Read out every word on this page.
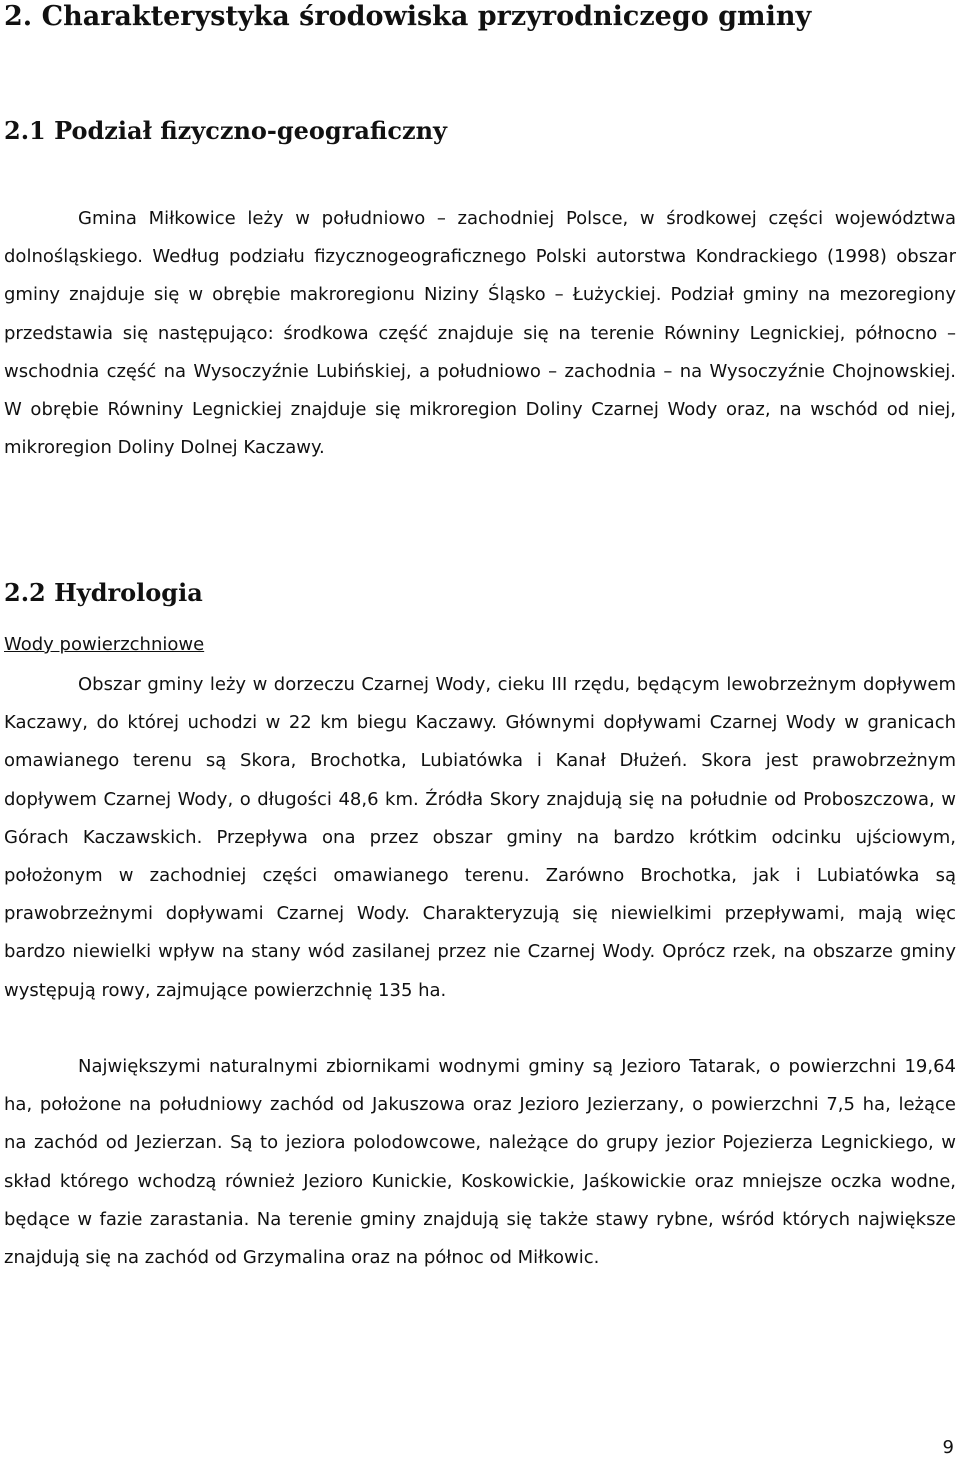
2. Charakterystyka środowiska przyrodniczego gminy
2.1 Podział fizyczno-geograficzny

Gmina Miłkowice leży w południowo – zachodniej Polsce, w środkowej części województwa dolnośląskiego. Według podziału fizycznogeograficznego Polski autorstwa Kondrackiego (1998) obszar gminy znajduje się w obrębie makroregionu Niziny Śląsko – Łużyckiej. Podział gminy na mezoregiony przedstawia się następująco: środkowa część znajduje się na terenie Równiny Legnickiej, północno – wschodnia część na Wysoczyźnie Lubińskiej, a południowo – zachodnia – na Wysoczyźnie Chojnowskiej. W obrębie Równiny Legnickiej znajduje się mikroregion Doliny Czarnej Wody oraz, na wschód od niej, mikroregion Doliny Dolnej Kaczawy.

2.2 Hydrologia
Wody powierzchniowe

Obszar gminy leży w dorzeczu Czarnej Wody, cieku III rzędu, będącym lewobrzeżnym dopływem Kaczawy, do której uchodzi w 22 km biegu Kaczawy. Głównymi dopływami Czarnej Wody w granicach omawianego terenu są Skora, Brochotka, Lubiatówka i Kanał Dłużeń. Skora jest prawobrzeżnym dopływem Czarnej Wody, o długości 48,6 km. Źródła Skory znajdują się na południe od Proboszczowa, w Górach Kaczawskich. Przepływa ona przez obszar gminy na bardzo krótkim odcinku ujściowym, położonym w zachodniej części omawianego terenu. Zarówno Brochotka, jak i Lubiatówka są prawobrzeżnymi dopływami Czarnej Wody. Charakteryzują się niewielkimi przepływami, mają więc bardzo niewielki wpływ na stany wód zasilanej przez nie Czarnej Wody. Oprócz rzek, na obszarze gminy występują rowy, zajmujące powierzchnię 135 ha.

Największymi naturalnymi zbiornikami wodnymi gminy są Jezioro Tatarak, o powierzchni 19,64 ha, położone na południowy zachód od Jakuszowa oraz Jezioro Jezierzany, o powierzchni 7,5 ha, leżące na zachód od Jezierzan. Są to jeziora polodowcowe, należące do grupy jezior Pojezierza Legnickiego, w skład którego wchodzą również Jezioro Kunickie, Koskowickie, Jaśkowickie oraz mniejsze oczka wodne, będące w fazie zarastania. Na terenie gminy znajdują się także stawy rybne, wśród których największe znajdują się na zachód od Grzymalina oraz na północ od Miłkowic.

9
